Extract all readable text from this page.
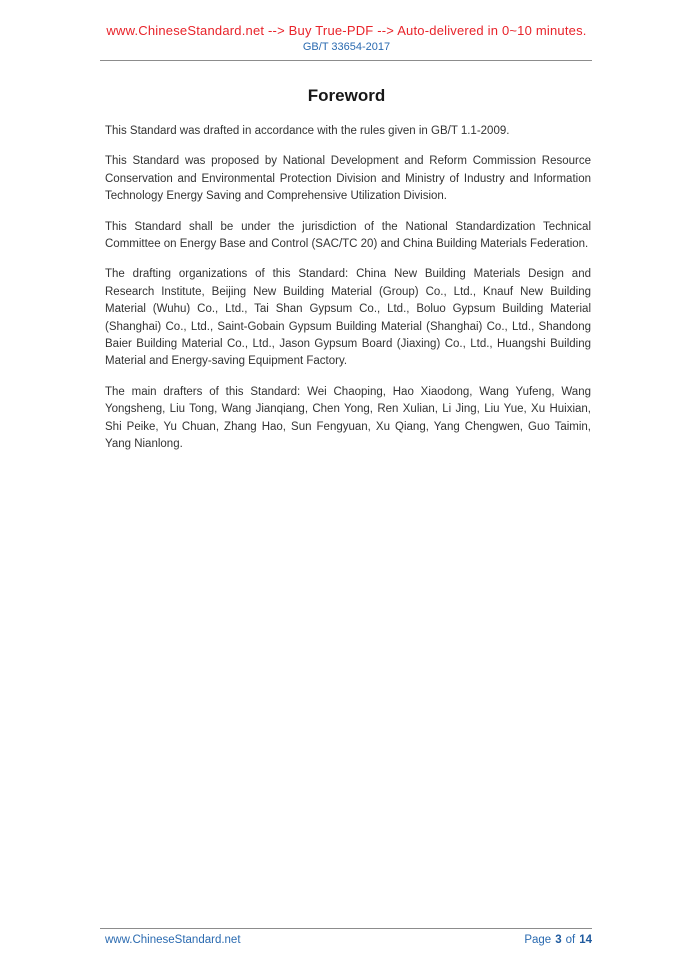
www.ChineseStandard.net --> Buy True-PDF --> Auto-delivered in 0~10 minutes.
GB/T 33654-2017
Foreword

This Standard was drafted in accordance with the rules given in GB/T 1.1-2009.

This Standard was proposed by National Development and Reform Commission Resource Conservation and Environmental Protection Division and Ministry of Industry and Information Technology Energy Saving and Comprehensive Utilization Division.

This Standard shall be under the jurisdiction of the National Standardization Technical Committee on Energy Base and Control (SAC/TC 20) and China Building Materials Federation.

The drafting organizations of this Standard: China New Building Materials Design and Research Institute, Beijing New Building Material (Group) Co., Ltd., Knauf New Building Material (Wuhu) Co., Ltd., Tai Shan Gypsum Co., Ltd., Boluo Gypsum Building Material (Shanghai) Co., Ltd., Saint-Gobain Gypsum Building Material (Shanghai) Co., Ltd., Shandong Baier Building Material Co., Ltd., Jason Gypsum Board (Jiaxing) Co., Ltd., Huangshi Building Material and Energy-saving Equipment Factory.

The main drafters of this Standard: Wei Chaoping, Hao Xiaodong, Wang Yufeng, Wang Yongsheng, Liu Tong, Wang Jianqiang, Chen Yong, Ren Xulian, Li Jing, Liu Yue, Xu Huixian, Shi Peike, Yu Chuan, Zhang Hao, Sun Fengyuan, Xu Qiang, Yang Chengwen, Guo Taimin, Yang Nianlong.

www.ChineseStandard.net	Page 3 of 14
